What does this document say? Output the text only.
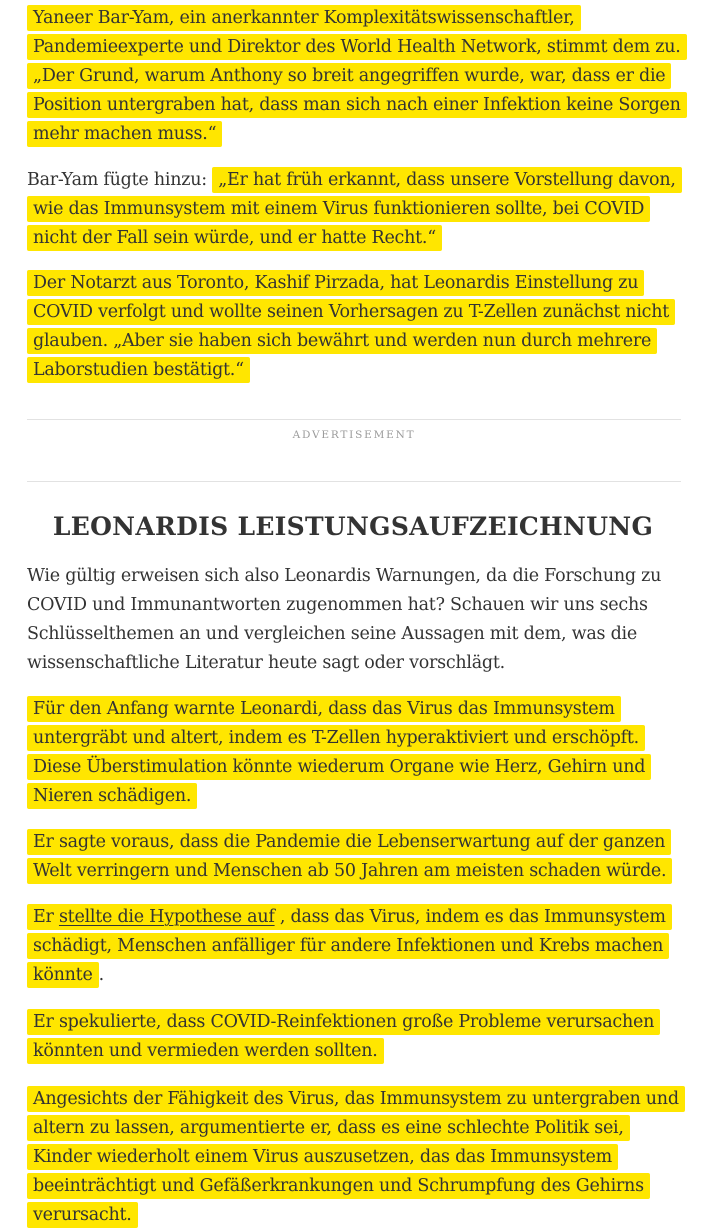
Yaneer Bar-Yam, ein anerkannter Komplexitätswissenschaftler, Pandemieexperte und Direktor des World Health Network, stimmt dem zu. „Der Grund, warum Anthony so breit angegriffen wurde, war, dass er die Position untergraben hat, dass man sich nach einer Infektion keine Sorgen mehr machen muss.“

Bar-Yam fügte hinzu: „Er hat früh erkannt, dass unsere Vorstellung davon, wie das Immunsystem mit einem Virus funktionieren sollte, bei COVID nicht der Fall sein würde, und er hatte Recht.“

Der Notarzt aus Toronto, Kashif Pirzada, hat Leonardis Einstellung zu COVID verfolgt und wollte seinen Vorhersagen zu T-Zellen zunächst nicht glauben. „Aber sie haben sich bewährt und werden nun durch mehrere Laborstudien bestätigt.“

ADVERTISEMENT
LEONARDIS LEISTUNGSAUFZEICHNUNG

Wie gültig erweisen sich also Leonardis Warnungen, da die Forschung zu COVID und Immunantworten zugenommen hat? Schauen wir uns sechs Schlüsselthemen an und vergleichen seine Aussagen mit dem, was die wissenschaftliche Literatur heute sagt oder vorschlägt.

Für den Anfang warnte Leonardi, dass das Virus das Immunsystem untergräbt und altert, indem es T-Zellen hyperaktiviert und erschöpft. Diese Überstimulation könnte wiederum Organe wie Herz, Gehirn und Nieren schädigen.

Er sagte voraus, dass die Pandemie die Lebenserwartung auf der ganzen Welt verringern und Menschen ab 50 Jahren am meisten schaden würde.

Er stellte die Hypothese auf , dass das Virus, indem es das Immunsystem schädigt, Menschen anfälliger für andere Infektionen und Krebs machen könnte .

Er spekulierte, dass COVID-Reinfektionen große Probleme verursachen könnten und vermieden werden sollten.

Angesichts der Fähigkeit des Virus, das Immunsystem zu untergraben und altern zu lassen, argumentierte er, dass es eine schlechte Politik sei, Kinder wiederholt einem Virus auszusetzen, das das Immunsystem beeinträchtigt und Gefäßerkrankungen und Schrumpfung des Gehirns verursacht.
